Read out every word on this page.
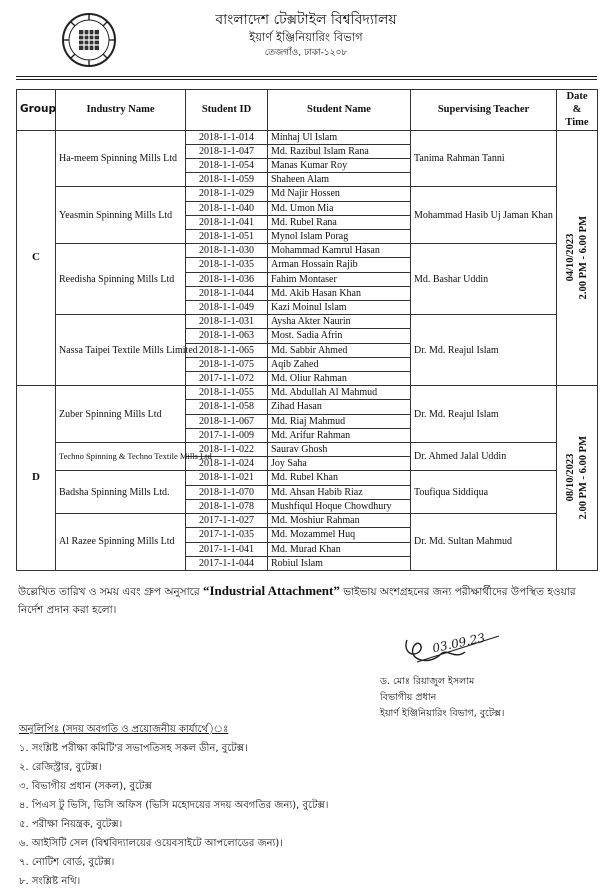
বাংলাদেশ টেক্সটাইল বিশ্ববিদ্যালয়
ইয়ার্ণ ইঞ্জিনিয়ারিং বিভাগ
তেজগাঁও, ঢাকা-১২০৮
Group	Industry Name	Student ID	Student Name	Supervising Teacher	Date
&
Time
C	Ha-meem Spinning Mills Ltd	2018-1-1-014	Minhaj Ul Islam	Tanima Rahman Tanni	04/10/2023 2.00 PM - 6.00 PM

		2018-1-1-047	Md. Razibul Islam Rana		
		2018-1-1-054	Manas Kumar Roy		
		2018-1-1-059	Shaheen Alam		
	Yeasmin Spinning Mills Ltd	2018-1-1-029	Md Najir Hossen	Mohammad Hasib Uj Jaman Khan	
		2018-1-1-040	Md. Umon Mia		
		2018-1-1-041	Md. Rubel Rana		
		2018-1-1-051	Mynol Islam Porag		
	Reedisha Spinning Mills Ltd	2018-1-1-030	Mohammad Kamrul Hasan	Md. Bashar Uddin	
		2018-1-1-035	Arman Hossain Rajib		
		2018-1-1-036	Fahim Montaser		
		2018-1-1-044	Md. Akib Hasan Khan		
		2018-1-1-049	Kazi Moinul Islam		
	Nassa Taipei Textile Mills Limited	2018-1-1-031	Aysha Akter Naurin	Dr. Md. Reajul Islam	
		2018-1-1-063	Most. Sadia Afrin		
		2018-1-1-065	Md. Sabbir Ahmed		
		2018-1-1-075	Aqib Zahed		
		2017-1-1-072	Md. Oliur Rahman		
D	Zuber Spinning Mills Ltd	2018-1-1-055	Md. Abdullah Al Mahmud	Dr. Md. Reajul Islam	08/10/2023 2.00 PM - 6.00 PM

		2018-1-1-058	Zihad Hasan		
		2018-1-1-067	Md. Riaj Mahmud		
		2017-1-1-009	Md. Arifur Rahman		
	Techno Spinning & Techno Textile Mills Ltd	2018-1-1-022	Saurav Ghosh	Dr. Ahmed Jalal Uddin	
		2018-1-1-024	Joy Saha		
	Badsha Spinning Mills Ltd.	2018-1-1-021	Md. Rubel Khan	Toufiqua Siddiqua	
		2018-1-1-070	Md. Ahsan Habib Riaz		
		2018-1-1-078	Mushfiqul Hoque Chowdhury		
	Al Razee Spinning Mills Ltd	2017-1-1-027	Md. Moshiur Rahman	Dr. Md. Sultan Mahmud	
		2017-1-1-035	Md. Mozammel Huq		
		2017-1-1-041	Md. Murad Khan		
		2017-1-1-044	Robiul Islam		
উল্লেখিত তারিখ ও সময় এবং গ্রুপ অনুসারে “Industrial Attachment” ভাইভায় অংশগ্রহনের জন্য পরীক্ষার্থীদের উপস্থিত হওয়ার নির্দেশ প্রদান করা হলো।
03.09.23
ড. মোঃ রিয়াজুল ইসলাম
বিভাগীয় প্রধান
ইয়ার্ণ ইঞ্জিনিয়ারিং বিভাগ, বুটেক্স।
অনুলিপিঃ (সদয় অবগতি ও প্রয়োজনীয় কার্যার্থে)ঃ
১. সংশ্লিষ্ট পরীক্ষা কমিটি'র সভাপতিসহ সকল ডীন, বুটেক্স।
২. রেজিস্ট্রার, বুটেক্স।
৩. বিভাগীয় প্রধান (সকল), বুটেক্স
৪. পিএস টু ভিসি, ভিসি অফিস (ভিসি মহোদয়ের সদয় অবগতির জন্য), বুটেক্স।
৫. পরীক্ষা নিয়ন্ত্রক, বুটেক্স।
৬. আইসিটি সেল (বিশ্ববিদ্যালয়ের ওয়েবসাইটে আপলোডের জন্য)।
৭. নোটিশ বোর্ড, বুটেক্স।
৮. সংশ্লিষ্ট নথি।
